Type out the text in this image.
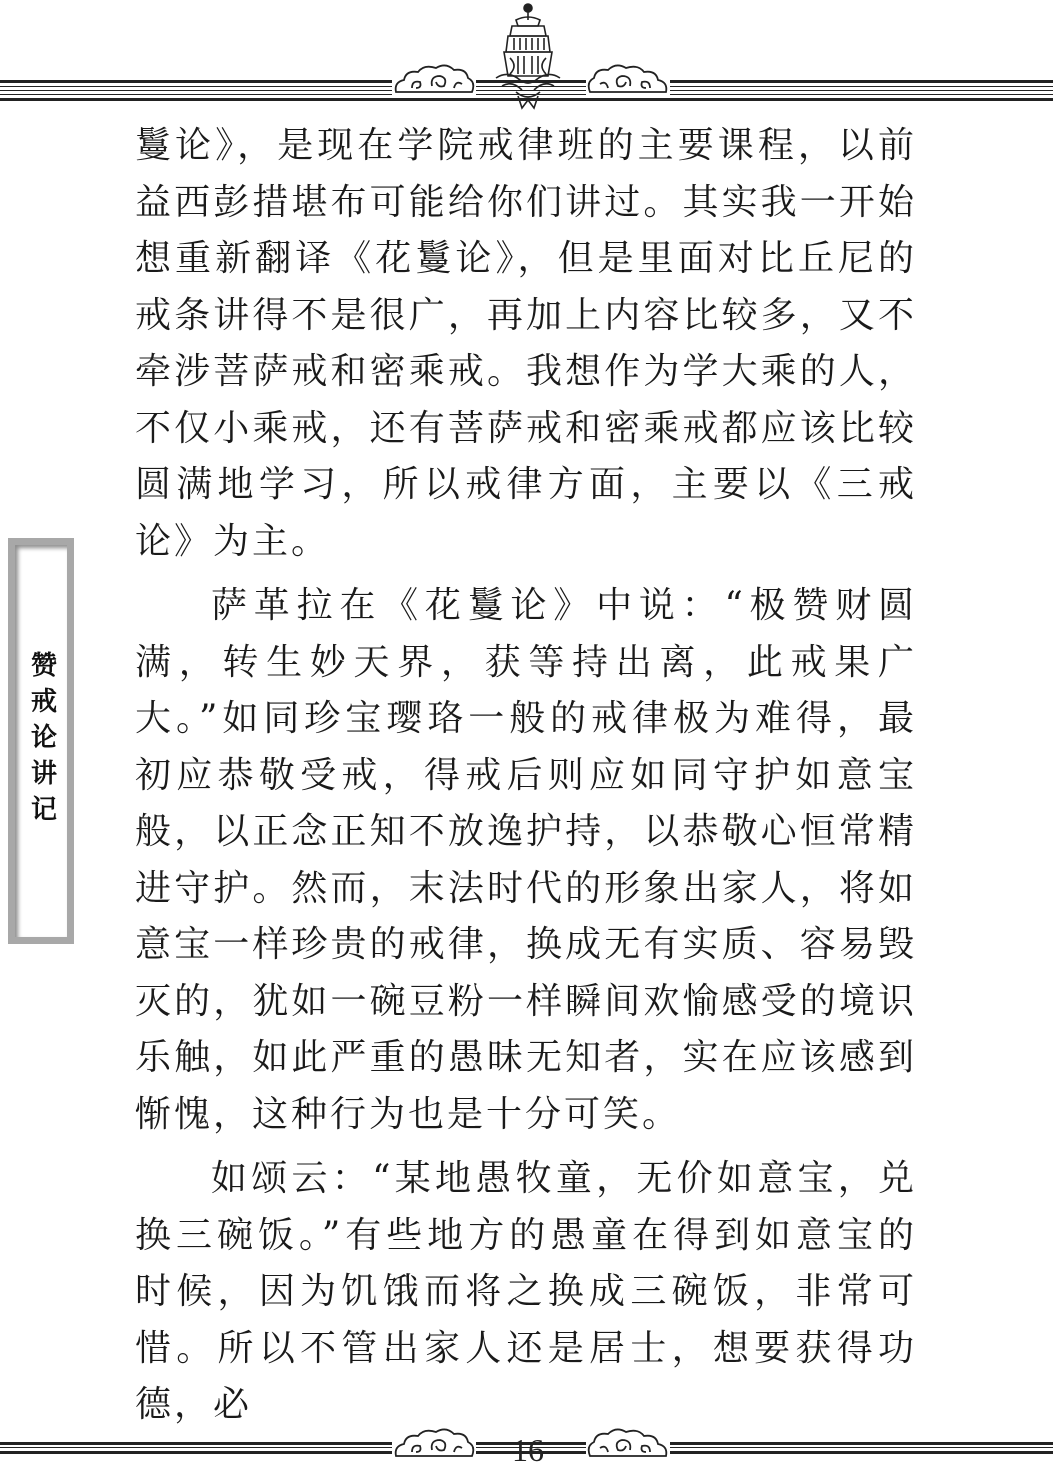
赞戒论讲记

鬘论》，是现在学院戒律班的主要课程，以前益西彭措堪布可能给你们讲过。其实我一开始想重新翻译《花鬘论》，但是里面对比丘尼的戒条讲得不是很广，再加上内容比较多，又不牵涉菩萨戒和密乘戒。我想作为学大乘的人，不仅小乘戒，还有菩萨戒和密乘戒都应该比较圆满地学习，所以戒律方面，主要以《三戒论》为主。

萨革拉在《花鬘论》中说：“极赞财圆满，转生妙天界，获等持出离，此戒果广大。”如同珍宝璎珞一般的戒律极为难得，最初应恭敬受戒，得戒后则应如同守护如意宝般，以正念正知不放逸护持，以恭敬心恒常精进守护。然而，末法时代的形象出家人，将如意宝一样珍贵的戒律，换成无有实质、容易毁灭的，犹如一碗豆粉一样瞬间欢愉感受的境识乐触，如此严重的愚昧无知者，实在应该感到惭愧，这种行为也是十分可笑。

如颂云：“某地愚牧童，无价如意宝，兑换三碗饭。”有些地方的愚童在得到如意宝的时候，因为饥饿而将之换成三碗饭，非常可惜。所以不管出家人还是居士，想要获得功德，必

16
